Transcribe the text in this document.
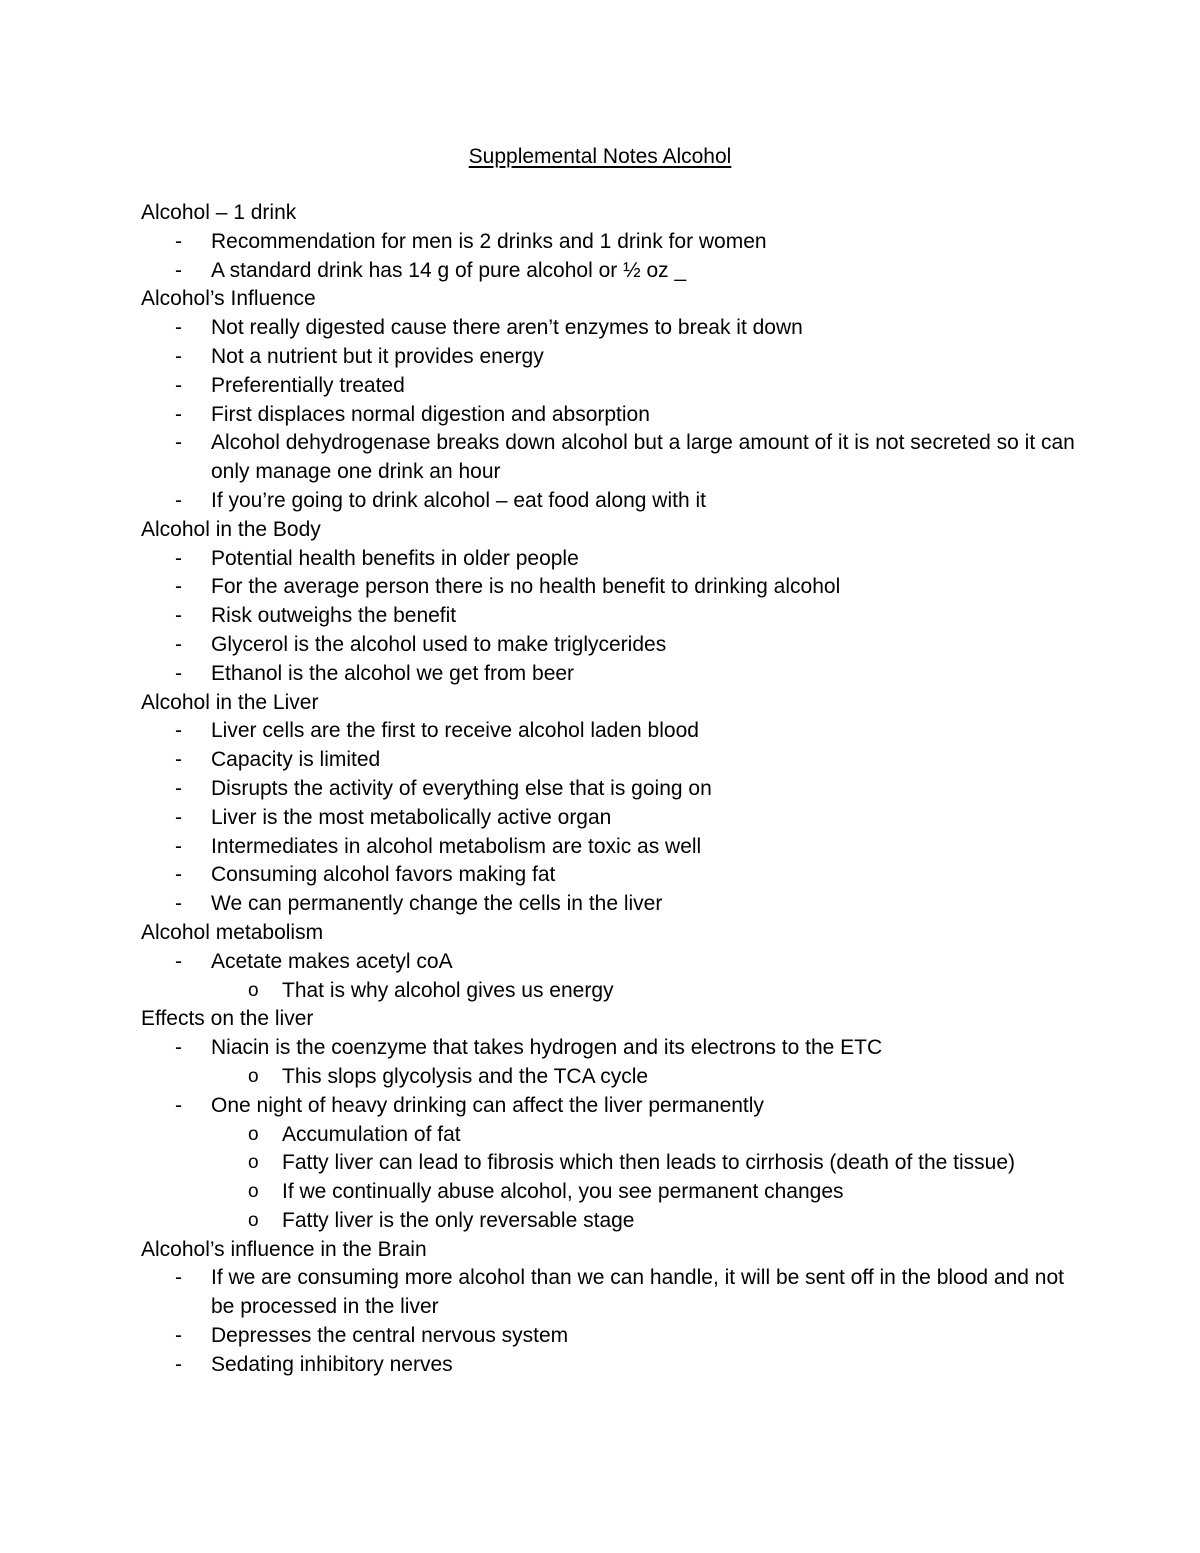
Supplemental Notes Alcohol
Alcohol – 1 drink
- Recommendation for men is 2 drinks and 1 drink for women
- A standard drink has 14 g of pure alcohol or ½ oz _
Alcohol’s Influence
- Not really digested cause there aren’t enzymes to break it down
- Not a nutrient but it provides energy
- Preferentially treated
- First displaces normal digestion and absorption
- Alcohol dehydrogenase breaks down alcohol but a large amount of it is not secreted so it can only manage one drink an hour
- If you’re going to drink alcohol – eat food along with it
Alcohol in the Body
- Potential health benefits in older people
- For the average person there is no health benefit to drinking alcohol
- Risk outweighs the benefit
- Glycerol is the alcohol used to make triglycerides
- Ethanol is the alcohol we get from beer
Alcohol in the Liver
- Liver cells are the first to receive alcohol laden blood
- Capacity is limited
- Disrupts the activity of everything else that is going on
- Liver is the most metabolically active organ
- Intermediates in alcohol metabolism are toxic as well
- Consuming alcohol favors making fat
- We can permanently change the cells in the liver
Alcohol metabolism
- Acetate makes acetyl coA
o That is why alcohol gives us energy
Effects on the liver
- Niacin is the coenzyme that takes hydrogen and its electrons to the ETC
o This slops glycolysis and the TCA cycle
- One night of heavy drinking can affect the liver permanently
o Accumulation of fat
o Fatty liver can lead to fibrosis which then leads to cirrhosis (death of the tissue)
o If we continually abuse alcohol, you see permanent changes
o Fatty liver is the only reversable stage
Alcohol’s influence in the Brain
- If we are consuming more alcohol than we can handle, it will be sent off in the blood and not be processed in the liver
- Depresses the central nervous system
- Sedating inhibitory nerves
